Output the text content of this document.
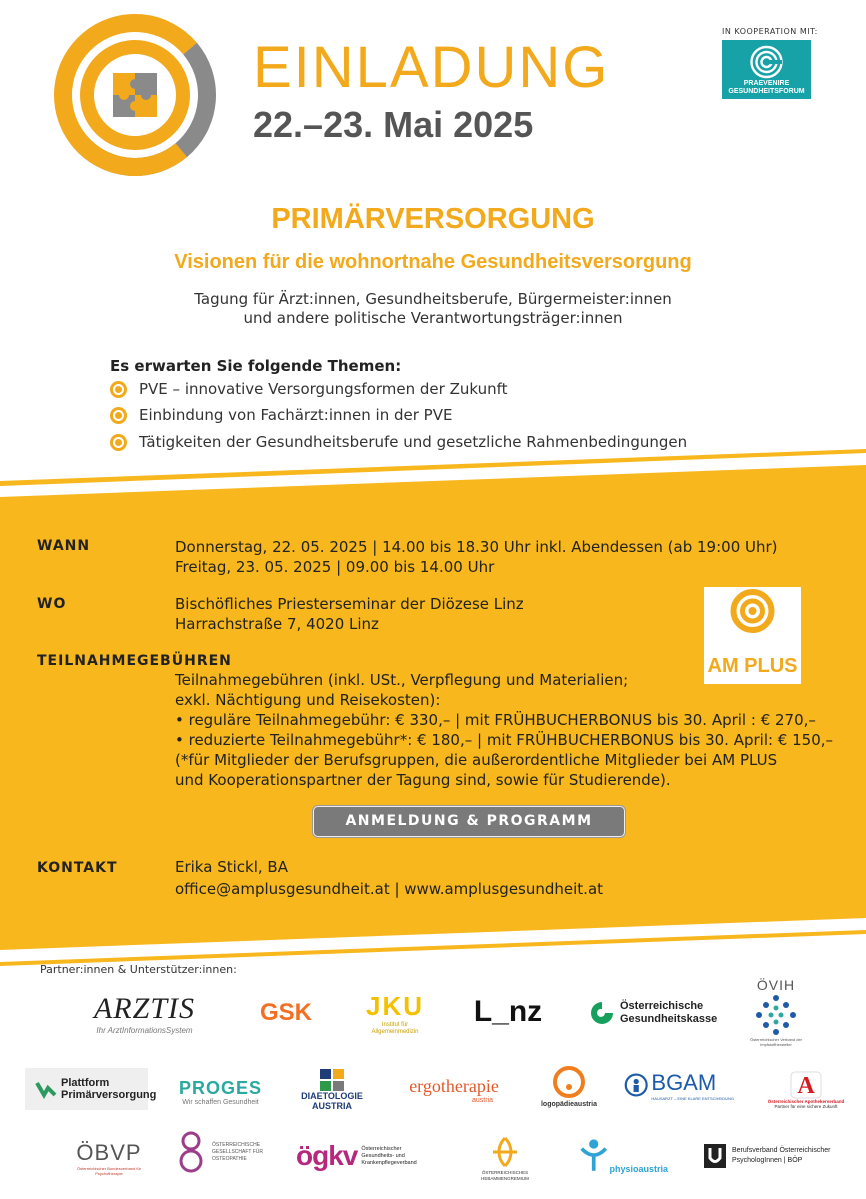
EINLADUNG
22.–23. Mai 2025
IN KOOPERATION MIT:
PRAEVENIRE GESUNDHEITSFORUM
PRIMÄRVERSORGUNG
Visionen für die wohnortnahe Gesundheitsversorgung
Tagung für Ärzt:innen, Gesundheitsberufe, Bürgermeister:innen
und andere politische Verantwortungsträger:innen
Es erwarten Sie folgende Themen:
PVE – innovative Versorgungsformen der Zukunft
Einbindung von Fachärzt:innen in der PVE
Tätigkeiten der Gesundheitsberufe und gesetzliche Rahmenbedingungen
WANN	Donnerstag, 22. 05. 2025 | 14.00 bis 18.30 Uhr inkl. Abendessen (ab 19:00 Uhr)
Freitag, 23. 05. 2025 | 09.00 bis 14.00 Uhr
WO	Bischöfliches Priesterseminar der Diözese Linz
Harrachstraße 7, 4020 Linz
AM PLUS
TEILNAHMEGEBÜHREN
Teilnahmegebühren (inkl. USt., Verpflegung und Materialien;
exkl. Nächtigung und Reisekosten):
• reguläre Teilnahmegebühr: € 330,– | mit FRÜHBUCHERBONUS bis 30. April : € 270,–
• reduzierte Teilnahmegebühr*: € 180,– | mit FRÜHBUCHERBONUS bis 30. April: € 150,–
(*für Mitglieder der Berufsgruppen, die außerordentliche Mitglieder bei AM PLUS
und Kooperationspartner der Tagung sind, sowie für Studierende).
ANMELDUNG & PROGRAMM
KONTAKT	Erika Stickl, BA
office@amplusgesundheit.at | www.amplusgesundheit.at
Partner:innen & Unterstützer:innen:
ARZTIS
Ihr ArztInformationsSystem
GSK JKU
Institut für Allgemeinmedizin
L_nz	Österreichische Gesundheitskasse
ÖVIH
Österreichischer Verband der Impfstoffhersteller
Plattform Primärversorgung PROGES
Wir schaffen Gesundheit
DIAETOLOGIE AUSTRIA
ergotherapie
austria	logopädieaustria
BGAM
HAUSARZT – EINE KLARE ENTSCHEIDUNG	A
Österreichischer Apothekerverband
Partner für eine sichere Zukunft
ÖBVP
Österreichischer Bundesverband für Psychotherapie
ÖSTERREICHISCHE GESELLSCHAFT FÜR OSTEOPATHIE	ögkv Österreichischer Gesundheits- und Krankenpflegeverband
ÖSTERREICHISCHES HEBAMMENGREMIUM
physioaustria
Berufsverband Österreichischer PsychologInnen | BÖP
